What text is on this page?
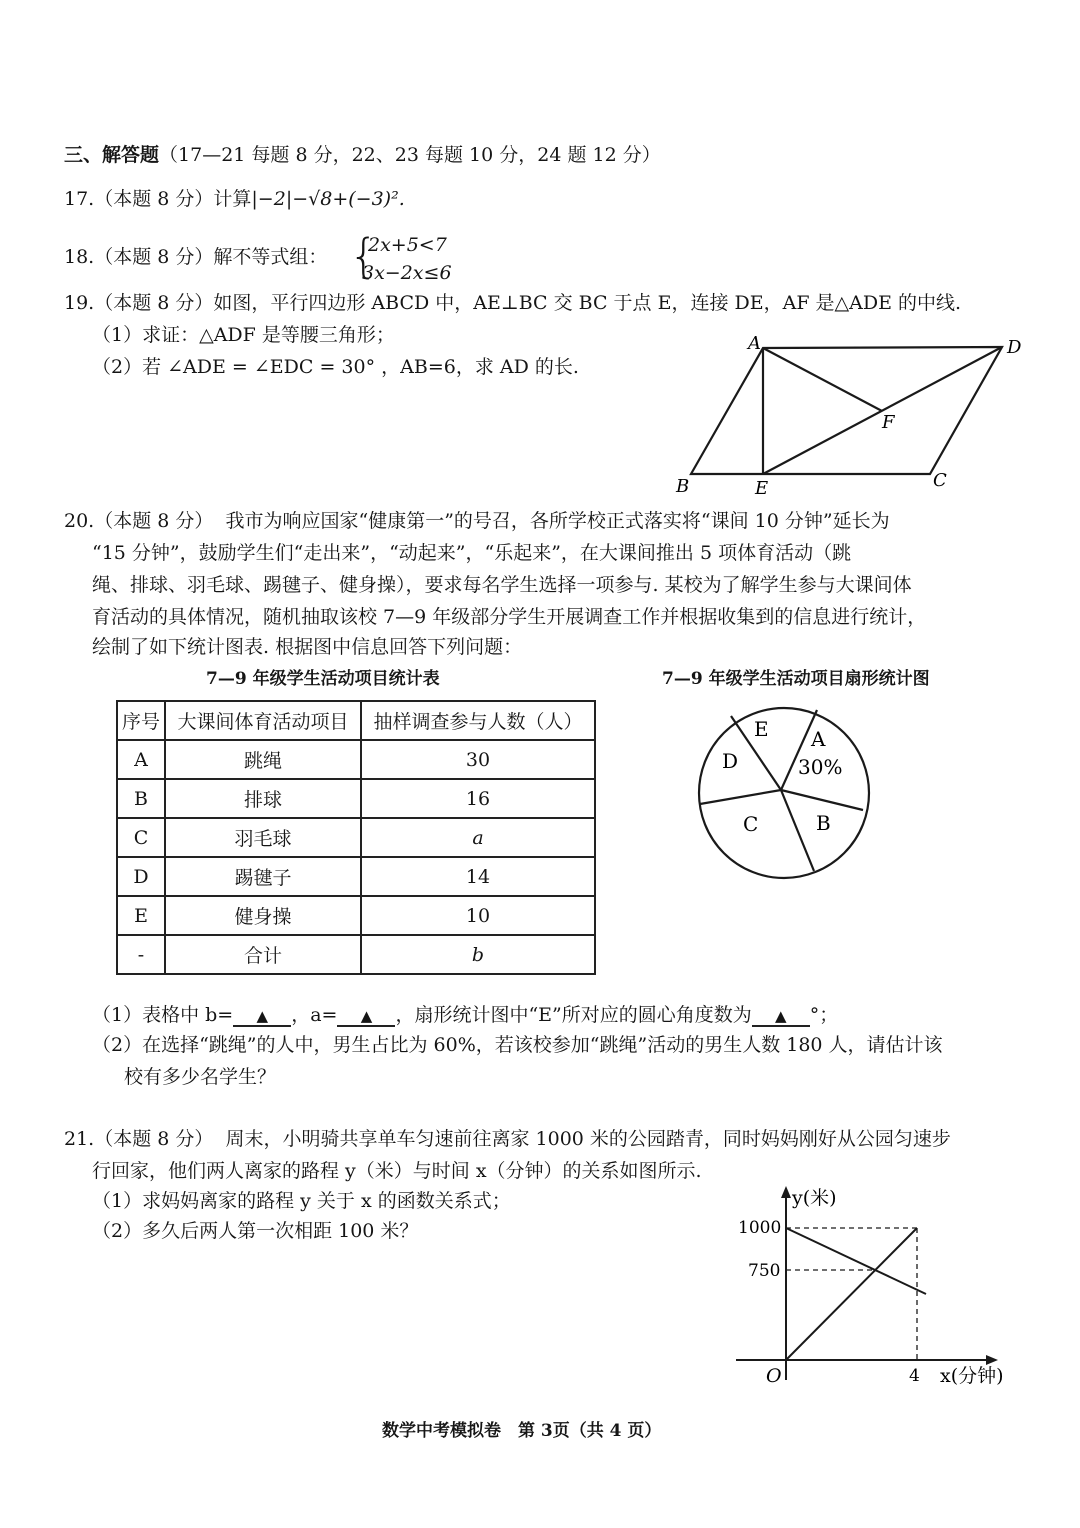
三、解答题（17—21 每题 8 分，22、23 每题 10 分，24 题 12 分）
17.（本题 8 分）计算|−2|−√8+(−3)².
18.（本题 8 分）解不等式组： {
2x+5<7
3x−2x≤6
19.（本题 8 分）如图，平行四边形 ABCD 中，AE⊥BC 交 BC 于点 E，连接 DE，AF 是△ADE 的中线.
（1）求证：△ADF 是等腰三角形；
（2）若 ∠ADE = ∠EDC = 30° ，AB=6，求 AD 的长.
A	D
F
B	E	C
20.（本题 8 分） 我市为响应国家“健康第一”的号召，各所学校正式落实将“课间 10 分钟”延长为
“15 分钟”，鼓励学生们“走出来”，“动起来”，“乐起来”，在大课间推出 5 项体育活动（跳
绳、排球、羽毛球、踢毽子、健身操），要求每名学生选择一项参与. 某校为了解学生参与大课间体
育活动的具体情况，随机抽取该校 7—9 年级部分学生开展调查工作并根据收集到的信息进行统计，
绘制了如下统计图表. 根据图中信息回答下列问题：
7—9 年级学生活动项目统计表	7—9 年级学生活动项目扇形统计图
序号	大课间体育活动项目	抽样调查参与人数（人）
A	跳绳	30
B	排球	16
C	羽毛球	a
D	踢毽子	14
E	健身操	10
-	合计	b
A
30%
B
C
D
E
（1）表格中 b= ▲ ，a= ▲ ，扇形统计图中“E”所对应的圆心角度数为 ▲ °；
（2）在选择“跳绳”的人中，男生占比为 60%，若该校参加“跳绳”活动的男生人数 180 人，请估计该
校有多少名学生？
21.（本题 8 分） 周末，小明骑共享单车匀速前往离家 1000 米的公园踏青，同时妈妈刚好从公园匀速步
行回家，他们两人离家的路程 y（米）与时间 x（分钟）的关系如图所示.
（1）求妈妈离家的路程 y 关于 x 的函数关系式；
（2）多久后两人第一次相距 100 米？	1000
750
4
O
y(米)
x(分钟)
数学中考模拟卷　第 3页（共 4 页）
